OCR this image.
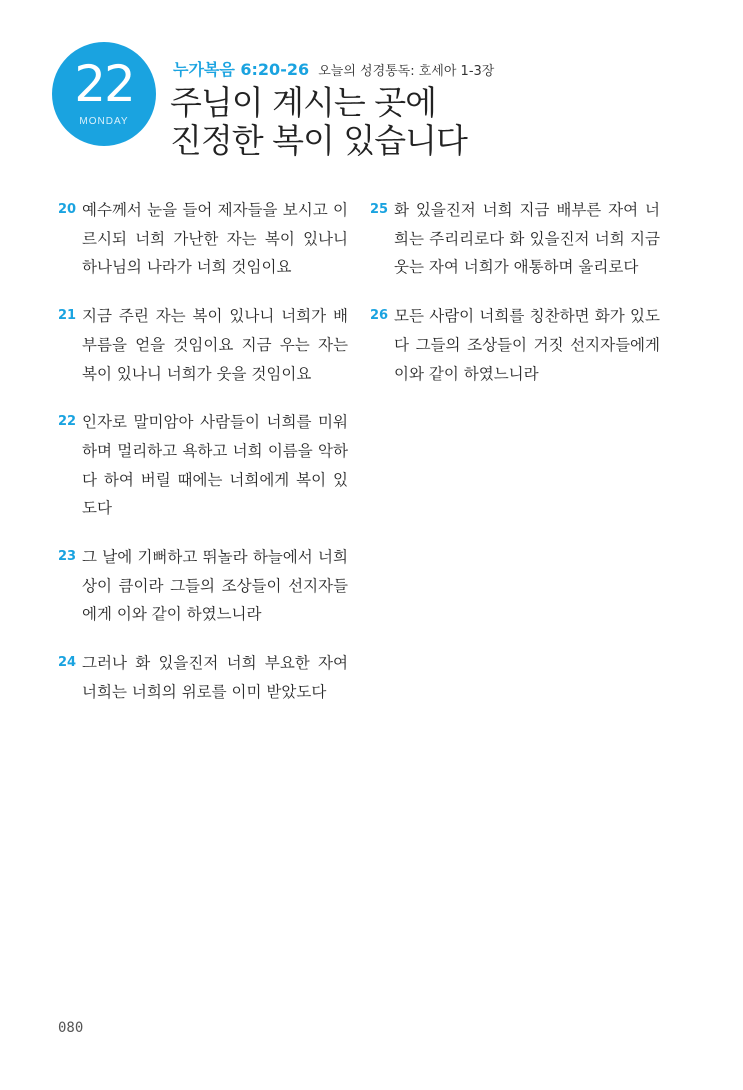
22
MONDAY
누가복음 6:20-26 오늘의 성경통독: 호세아 1-3장
주님이 계시는 곳에
진정한 복이 있습니다

20 예수께서 눈을 들어 제자들을 보시고 이르시되 너희 가난한 자는 복이 있나니 하나님의 나라가 너희 것임이요

21 지금 주린 자는 복이 있나니 너희가 배부름을 얻을 것임이요 지금 우는 자는 복이 있나니 너희가 웃을 것임이요

22 인자로 말미암아 사람들이 너희를 미워하며 멀리하고 욕하고 너희 이름을 악하다 하여 버릴 때에는 너희에게 복이 있도다

23 그 날에 기뻐하고 뛰놀라 하늘에서 너희 상이 큼이라 그들의 조상들이 선지자들에게 이와 같이 하였느니라

24 그러나 화 있을진저 너희 부요한 자여 너희는 너희의 위로를 이미 받았도다

25 화 있을진저 너희 지금 배부른 자여 너희는 주리리로다 화 있을진저 너희 지금 웃는 자여 너희가 애통하며 울리로다

26 모든 사람이 너희를 칭찬하면 화가 있도다 그들의 조상들이 거짓 선지자들에게 이와 같이 하였느니라

080
